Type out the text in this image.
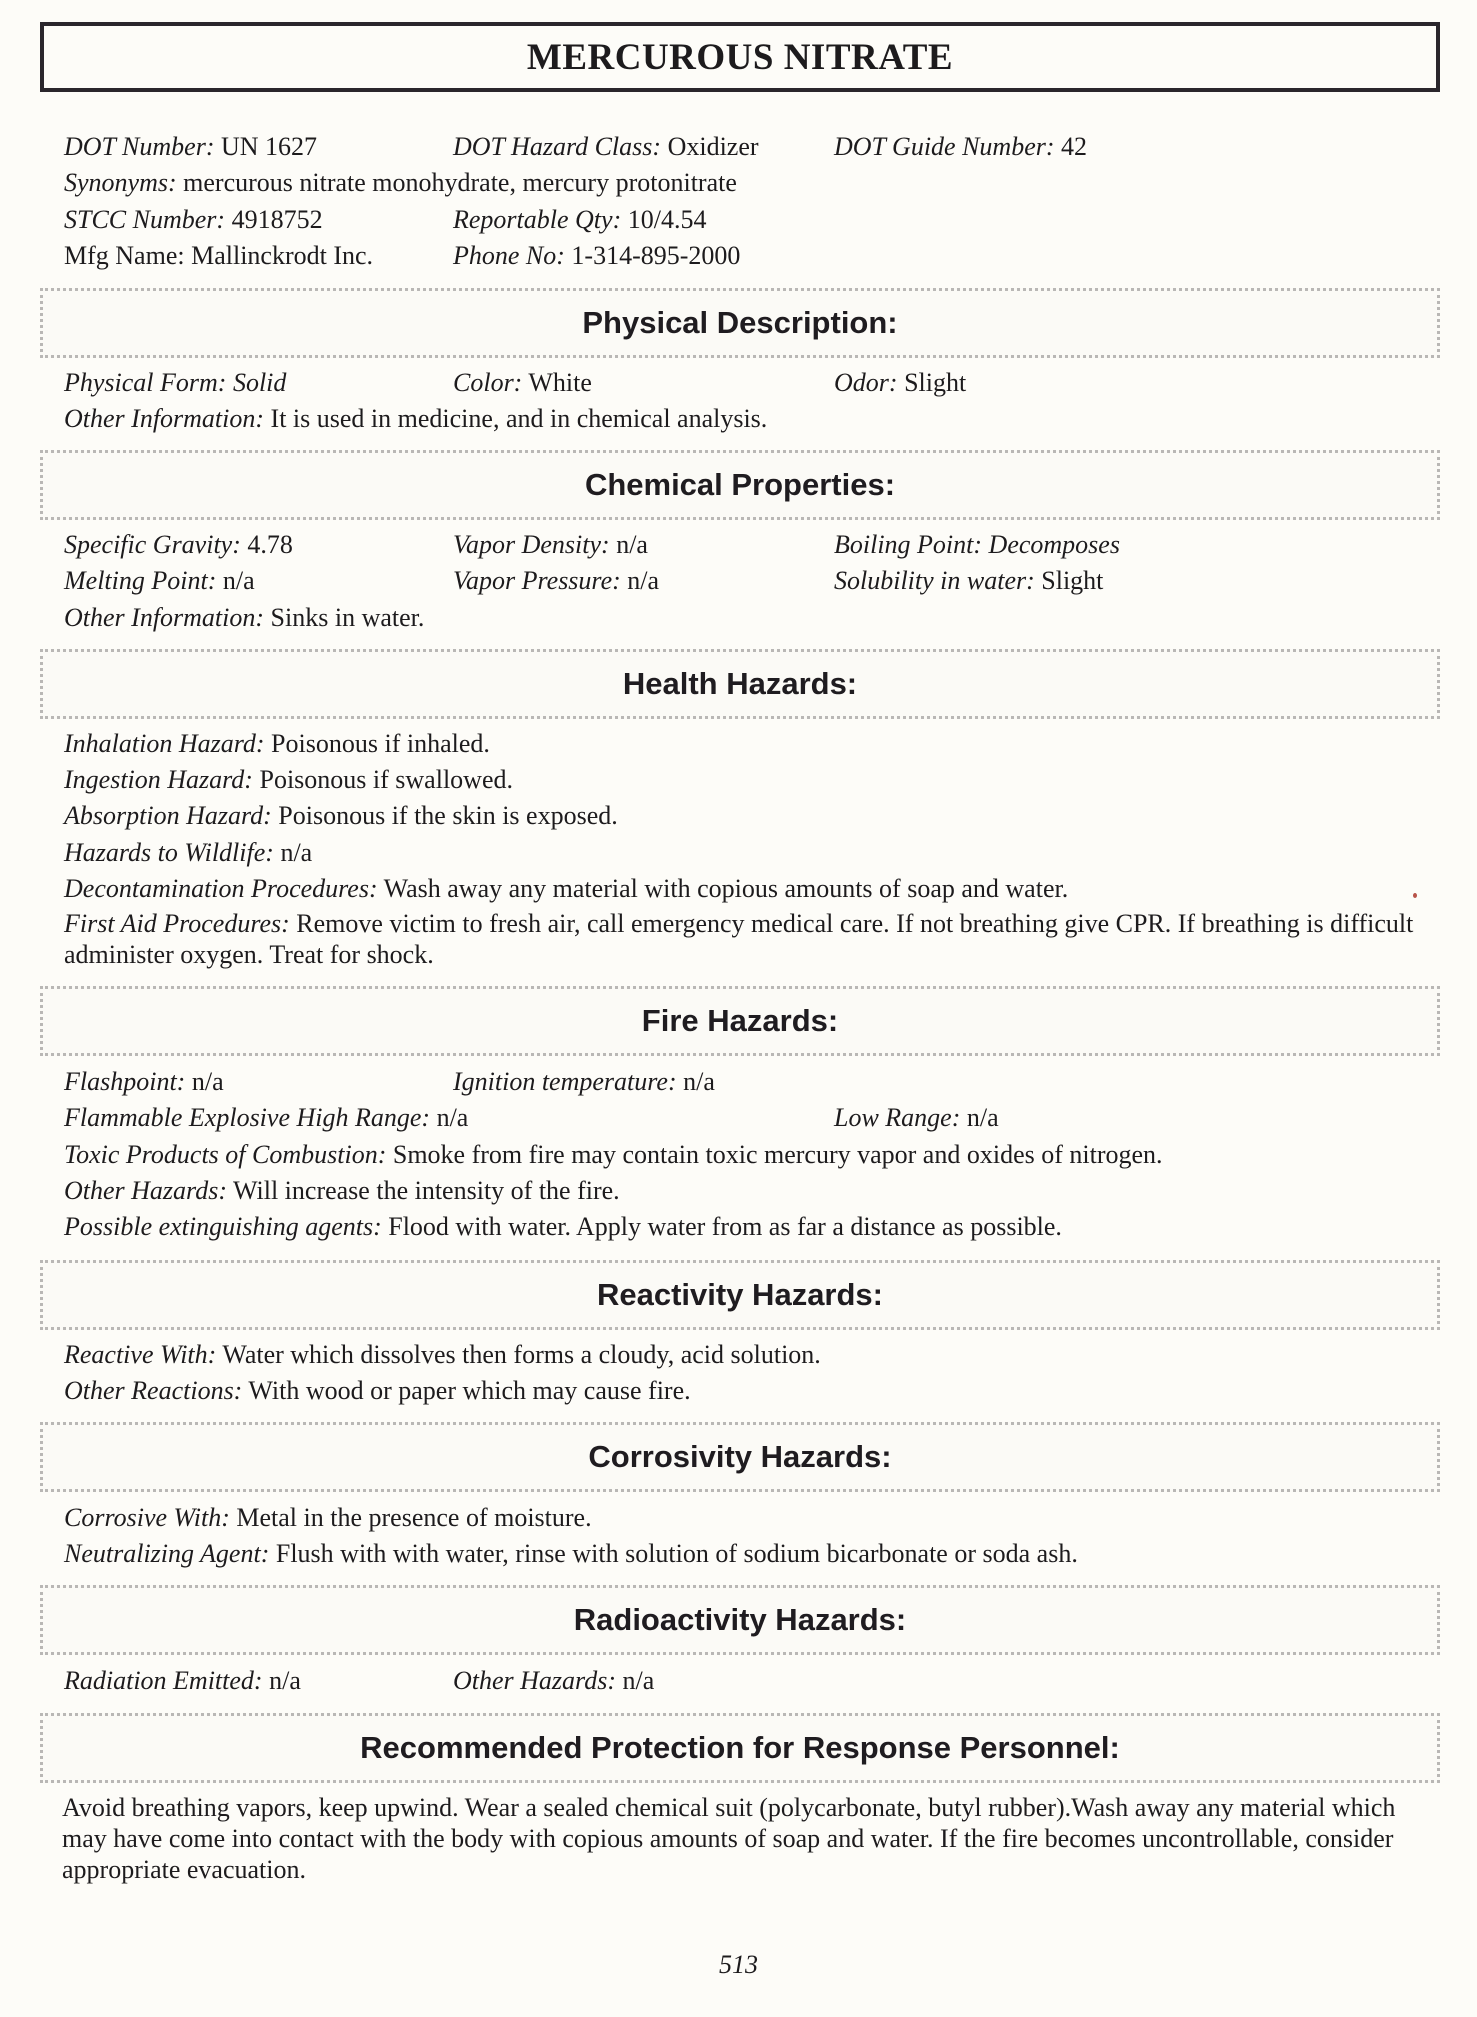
MERCUROUS NITRATE
DOT Number: UN 1627	DOT Hazard Class: Oxidizer	DOT Guide Number: 42
Synonyms: mercurous nitrate monohydrate, mercury protonitrate
STCC Number: 4918752	Reportable Qty: 10/4.54
Mfg Name: Mallinckrodt Inc.	Phone No: 1-314-895-2000
Physical Description:
Physical Form: Solid	Color: White	Odor: Slight
Other Information: It is used in medicine, and in chemical analysis.
Chemical Properties:
Specific Gravity: 4.78	Vapor Density: n/a	Boiling Point: Decomposes
Melting Point: n/a	Vapor Pressure: n/a	Solubility in water: Slight
Other Information: Sinks in water.
Health Hazards:
Inhalation Hazard: Poisonous if inhaled.
Ingestion Hazard: Poisonous if swallowed.
Absorption Hazard: Poisonous if the skin is exposed.
Hazards to Wildlife: n/a
Decontamination Procedures: Wash away any material with copious amounts of soap and water.
First Aid Procedures: Remove victim to fresh air, call emergency medical care. If not breathing give CPR. If breathing is difficult administer oxygen. Treat for shock.
Fire Hazards:
Flashpoint: n/a	Ignition temperature: n/a
Flammable Explosive High Range: n/a	Low Range: n/a
Toxic Products of Combustion: Smoke from fire may contain toxic mercury vapor and oxides of nitrogen.
Other Hazards: Will increase the intensity of the fire.
Possible extinguishing agents: Flood with water. Apply water from as far a distance as possible.
Reactivity Hazards:
Reactive With: Water which dissolves then forms a cloudy, acid solution.
Other Reactions: With wood or paper which may cause fire.
Corrosivity Hazards:
Corrosive With: Metal in the presence of moisture.
Neutralizing Agent: Flush with with water, rinse with solution of sodium bicarbonate or soda ash.
Radioactivity Hazards:
Radiation Emitted: n/a	Other Hazards: n/a
Recommended Protection for Response Personnel:
Avoid breathing vapors, keep upwind. Wear a sealed chemical suit (polycarbonate, butyl rubber).Wash away any material which may have come into contact with the body with copious amounts of soap and water. If the fire becomes uncontrollable, consider appropriate evacuation.
513
